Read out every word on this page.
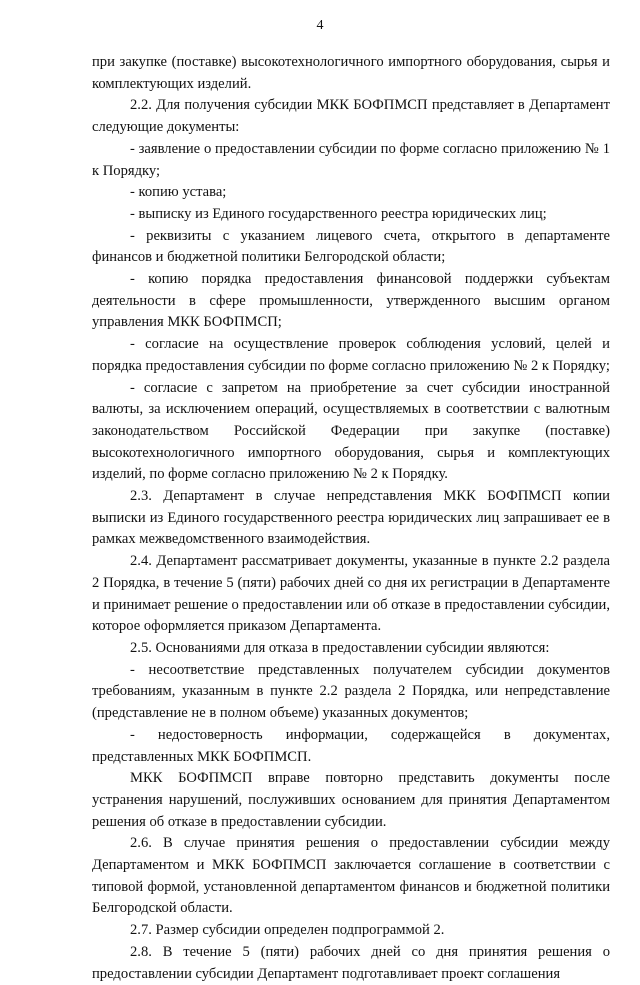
4

при закупке (поставке) высокотехнологичного импортного оборудования, сырья и комплектующих изделий.

2.2. Для получения субсидии МКК БОФПМСП представляет в Департамент следующие документы:

- заявление о предоставлении субсидии по форме согласно приложению № 1 к Порядку;

- копию устава;

- выписку из Единого государственного реестра юридических лиц;

- реквизиты с указанием лицевого счета, открытого в департаменте финансов и бюджетной политики Белгородской области;

- копию порядка предоставления финансовой поддержки субъектам деятельности в сфере промышленности, утвержденного высшим органом управления МКК БОФПМСП;

- согласие на осуществление проверок соблюдения условий, целей и порядка предоставления субсидии по форме согласно приложению № 2 к Порядку;

- согласие с запретом на приобретение за счет субсидии иностранной валюты, за исключением операций, осуществляемых в соответствии с валютным законодательством Российской Федерации при закупке (поставке) высокотехнологичного импортного оборудования, сырья и комплектующих изделий, по форме согласно приложению № 2 к Порядку.

2.3. Департамент в случае непредставления МКК БОФПМСП копии выписки из Единого государственного реестра юридических лиц запрашивает ее в рамках межведомственного взаимодействия.

2.4. Департамент рассматривает документы, указанные в пункте 2.2 раздела 2 Порядка, в течение 5 (пяти) рабочих дней со дня их регистрации в Департаменте и принимает решение о предоставлении или об отказе в предоставлении субсидии, которое оформляется приказом Департамента.

2.5. Основаниями для отказа в предоставлении субсидии являются:

- несоответствие представленных получателем субсидии документов требованиям, указанным в пункте 2.2 раздела 2 Порядка, или непредставление (представление не в полном объеме) указанных документов;

- недостоверность информации, содержащейся в документах, представленных МКК БОФПМСП.

МКК БОФПМСП вправе повторно представить документы после устранения нарушений, послуживших основанием для принятия Департаментом решения об отказе в предоставлении субсидии.

2.6. В случае принятия решения о предоставлении субсидии между Департаментом и МКК БОФПМСП заключается соглашение в соответствии с типовой формой, установленной департаментом финансов и бюджетной политики Белгородской области.

2.7. Размер субсидии определен подпрограммой 2.

2.8. В течение 5 (пяти) рабочих дней со дня принятия решения о предоставлении субсидии Департамент подготавливает проект соглашения
